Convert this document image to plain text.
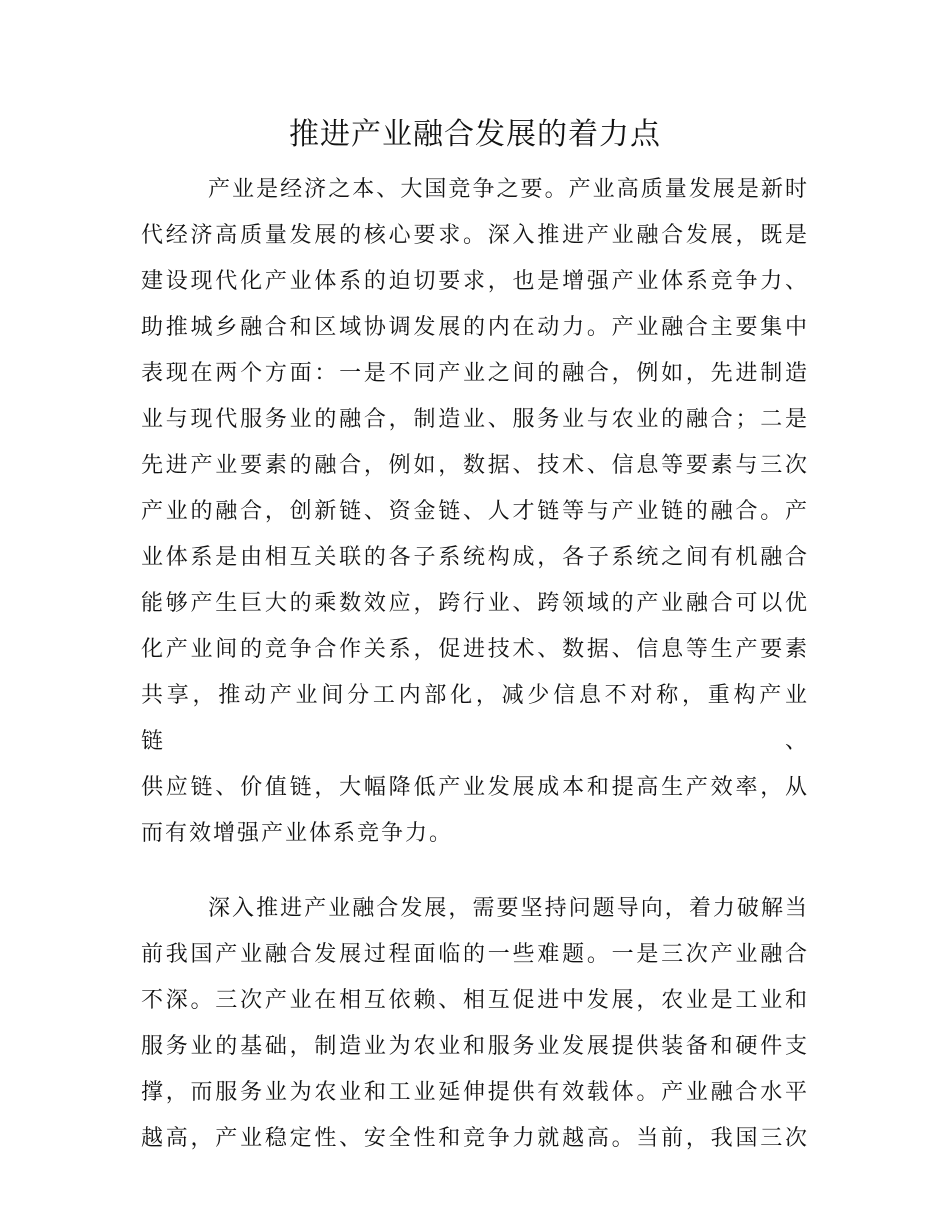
推进产业融合发展的着力点
产业是经济之本、大国竞争之要。产业高质量发展是新时
代经济高质量发展的核心要求。深入推进产业融合发展，既是
建设现代化产业体系的迫切要求，也是增强产业体系竞争力、
助推城乡融合和区域协调发展的内在动力。产业融合主要集中
表现在两个方面：一是不同产业之间的融合，例如，先进制造
业与现代服务业的融合，制造业、服务业与农业的融合；二是
先进产业要素的融合，例如，数据、技术、信息等要素与三次
产业的融合，创新链、资金链、人才链等与产业链的融合。产
业体系是由相互关联的各子系统构成，各子系统之间有机融合
能够产生巨大的乘数效应，跨行业、跨领域的产业融合可以优
化产业间的竞争合作关系，促进技术、数据、信息等生产要素
共享，推动产业间分工内部化，减少信息不对称，重构产业链、
供应链、价值链，大幅降低产业发展成本和提高生产效率，从
而有效增强产业体系竞争力。
深入推进产业融合发展，需要坚持问题导向，着力破解当
前我国产业融合发展过程面临的一些难题。一是三次产业融合
不深。三次产业在相互依赖、相互促进中发展，农业是工业和
服务业的基础，制造业为农业和服务业发展提供装备和硬件支
撑，而服务业为农业和工业延伸提供有效载体。产业融合水平
越高，产业稳定性、安全性和竞争力就越高。当前，我国三次
